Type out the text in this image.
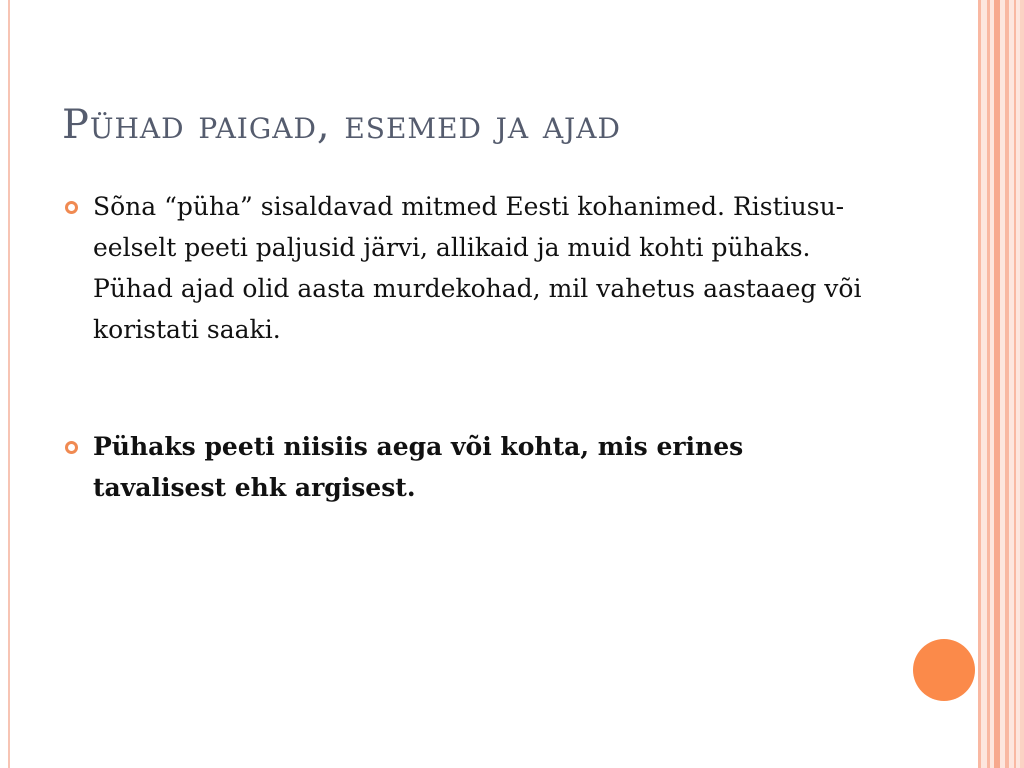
Pühad paigad, esemed ja ajad
Sõna “püha” sisaldavad mitmed Eesti kohanimed. Ristiusu-eelselt peeti paljusid järvi, allikaid ja muid kohti pühaks. Pühad ajad olid aasta murdekohad, mil vahetus aastaaeg või koristati saaki.
Pühaks peeti niisiis aega või kohta, mis erines tavalisest ehk argisest.
